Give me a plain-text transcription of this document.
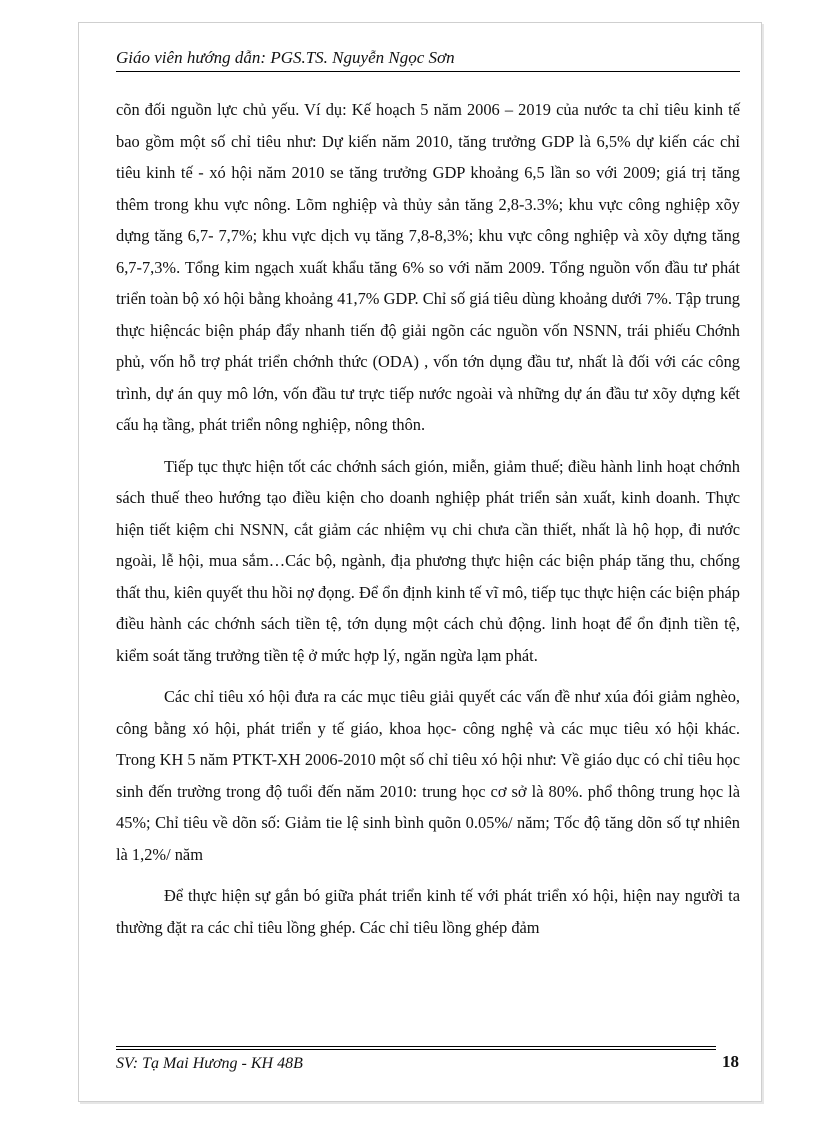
Giáo viên hướng dẫn: PGS.TS. Nguyễn Ngọc Sơn

cõn đối nguồn lực chủ yếu. Ví dụ: Kế hoạch 5 năm 2006 – 2019 của nước ta chỉ tiêu kinh tế bao gồm một số chỉ tiêu như: Dự kiến năm 2010, tăng trưởng GDP là 6,5% dự kiến các chỉ tiêu kinh tế - xó hội năm 2010 se tăng trưởng GDP khoảng 6,5 lần so với 2009; giá trị tăng thêm trong khu vực nông. Lõm nghiệp và thủy sản tăng 2,8-3.3%; khu vực công nghiệp xõy dựng tăng 6,7- 7,7%; khu vực dịch vụ tăng 7,8-8,3%; khu vực công nghiệp và xõy dựng tăng 6,7-7,3%. Tổng kim ngạch xuất khẩu tăng 6% so với năm 2009. Tổng nguồn vốn đầu tư phát triển toàn bộ xó hội bằng khoảng 41,7% GDP. Chỉ số giá tiêu dùng khoảng dưới 7%. Tập trung thực hiệncác biện pháp đẩy nhanh tiến độ giải ngõn các nguồn vốn NSNN, trái phiếu Chớnh phủ, vốn hỗ trợ phát triển chớnh thức (ODA) , vốn tớn dụng đầu tư, nhất là đối với các công trình, dự án quy mô lớn, vốn đầu tư trực tiếp nước ngoài và những dự án đầu tư xõy dựng kết cấu hạ tầng, phát triển nông nghiệp, nông thôn.

Tiếp tục thực hiện tốt các chớnh sách gión, miễn, giảm thuế; điều hành linh hoạt chớnh sách thuế theo hướng tạo điều kiện cho doanh nghiệp phát triển sản xuất, kinh doanh. Thực hiện tiết kiệm chi NSNN, cắt giảm các nhiệm vụ chi chưa cần thiết, nhất là hộ họp, đi nước ngoài, lễ hội, mua sắm…Các bộ, ngành, địa phương thực hiện các biện pháp tăng thu, chống thất thu, kiên quyết thu hồi nợ đọng. Để ổn định kinh tế vĩ mô, tiếp tục thực hiện các biện pháp điều hành các chớnh sách tiền tệ, tớn dụng một cách chủ động. linh hoạt để ổn định tiền tệ, kiểm soát tăng trưởng tiền tệ ở mức hợp lý, ngăn ngừa lạm phát.

Các chỉ tiêu xó hội đưa ra các mục tiêu giải quyết các vấn đề như xúa đói giảm nghèo, công bằng xó hội, phát triển y tế giáo, khoa học- công nghệ và các mục tiêu xó hội khác. Trong KH 5 năm PTKT-XH 2006-2010 một số chỉ tiêu xó hội như: Về giáo dục có chỉ tiêu học sinh đến trường trong độ tuổi đến năm 2010: trung học cơ sở là 80%. phổ thông trung học là 45%; Chỉ tiêu về dõn số: Giảm tie lệ sinh bình quõn 0.05%/ năm; Tốc độ tăng dõn số tự nhiên là 1,2%/ năm

Để thực hiện sự gắn bó giữa phát triển kinh tế với phát triển xó hội, hiện nay người ta thường đặt ra các chỉ tiêu lồng ghép. Các chỉ tiêu lồng ghép đảm

SV: Tạ Mai Hương - KH 48B	18
